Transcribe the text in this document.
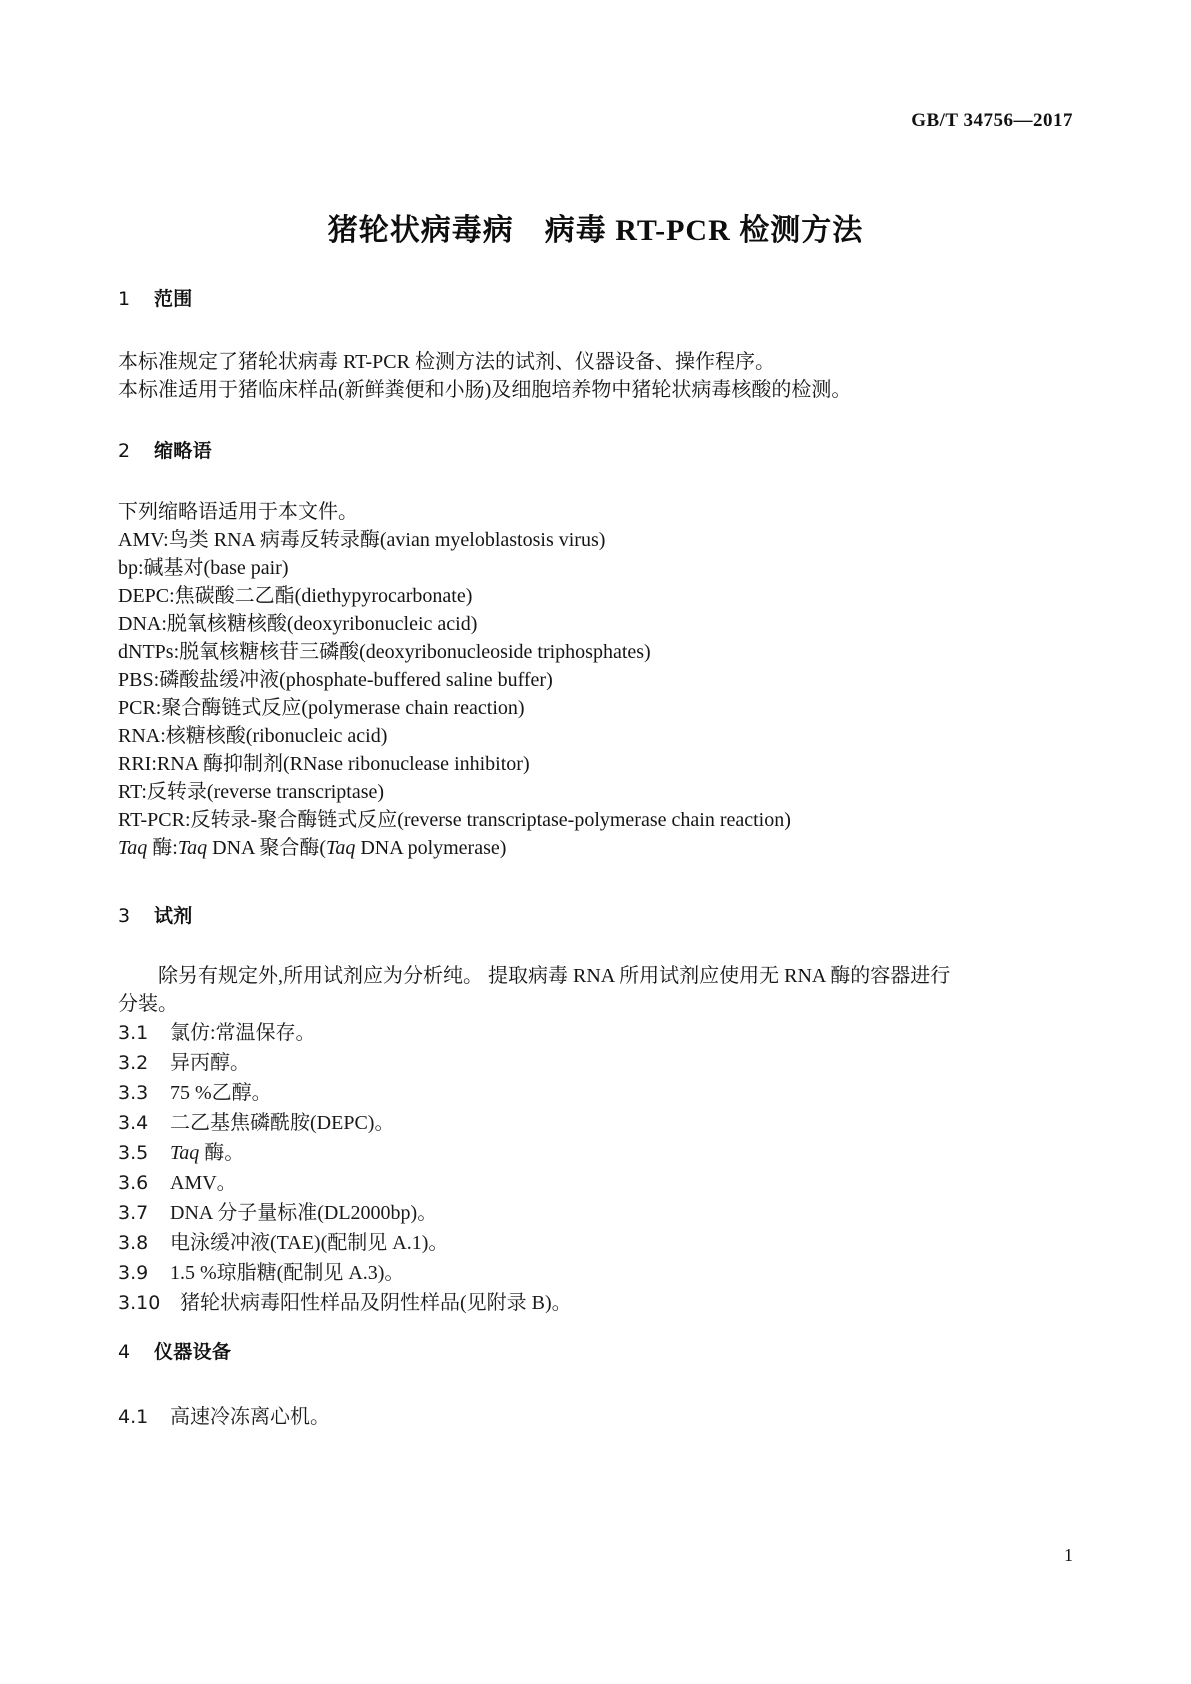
GB/T 34756—2017
猪轮状病毒病　病毒 RT-PCR 检测方法
1 范围

本标准规定了猪轮状病毒 RT-PCR 检测方法的试剂、仪器设备、操作程序。

本标准适用于猪临床样品(新鲜粪便和小肠)及细胞培养物中猪轮状病毒核酸的检测。

2 缩略语

下列缩略语适用于本文件。

AMV:鸟类 RNA 病毒反转录酶(avian myeloblastosis virus)

bp:碱基对(base pair)

DEPC:焦碳酸二乙酯(diethypyrocarbonate)

DNA:脱氧核糖核酸(deoxyribonucleic acid)

dNTPs:脱氧核糖核苷三磷酸(deoxyribonucleoside triphosphates)

PBS:磷酸盐缓冲液(phosphate-buffered saline buffer)

PCR:聚合酶链式反应(polymerase chain reaction)

RNA:核糖核酸(ribonucleic acid)

RRI:RNA 酶抑制剂(RNase ribonuclease inhibitor)

RT:反转录(reverse transcriptase)

RT-PCR:反转录-聚合酶链式反应(reverse transcriptase-polymerase chain reaction)

Taq 酶:Taq DNA 聚合酶(Taq DNA polymerase)

3 试剂

除另有规定外,所用试剂应为分析纯。 提取病毒 RNA 所用试剂应使用无 RNA 酶的容器进行

分装。

3.1 氯仿:常温保存。
3.2 异丙醇。
3.3 75 %乙醇。
3.4 二乙基焦磷酰胺(DEPC)。
3.5 Taq 酶。
3.6 AMV。
3.7 DNA 分子量标准(DL2000bp)。
3.8 电泳缓冲液(TAE)(配制见 A.1)。
3.9 1.5 %琼脂糖(配制见 A.3)。
3.10 猪轮状病毒阳性样品及阴性样品(见附录 B)。
4 仪器设备
4.1 高速冷冻离心机。
1
